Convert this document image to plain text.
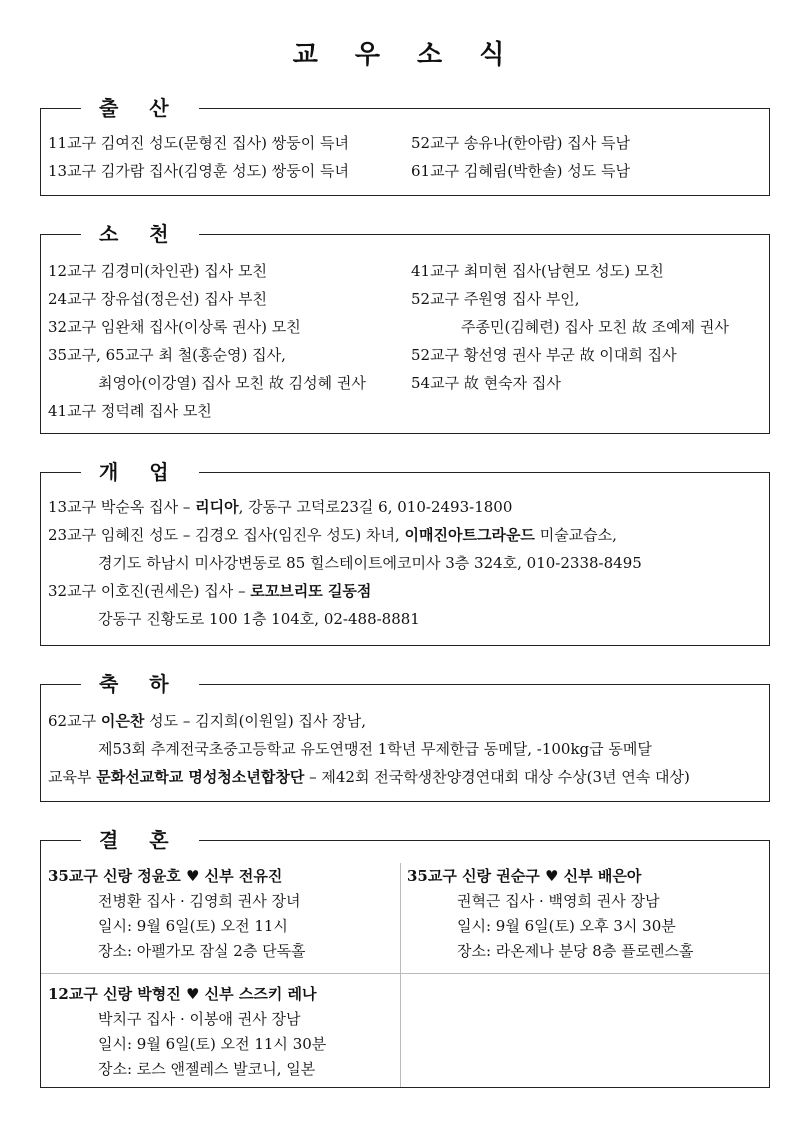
교 우 소 식
출 산
11교구 김여진 성도(문형진 집사) 쌍둥이 득녀
13교구 김가람 집사(김영훈 성도) 쌍둥이 득녀
52교구 송유나(한아람) 집사 득남
61교구 김혜림(박한솔) 성도 득남
소 천
12교구 김경미(차인관) 집사 모친
24교구 장유섭(정은선) 집사 부친
32교구 임완채 집사(이상록 권사) 모친
35교구, 65교구 최 철(홍순영) 집사,
최영아(이강열) 집사 모친 故 김성혜 권사
41교구 정덕례 집사 모친
41교구 최미현 집사(남현모 성도) 모친
52교구 주원영 집사 부인,
주종민(김혜련) 집사 모친 故 조예제 권사
52교구 황선영 권사 부군 故 이대희 집사
54교구 故 현숙자 집사
개 업
13교구 박순옥 집사 – 리디아, 강동구 고덕로23길 6, 010-2493-1800
23교구 임혜진 성도 – 김경오 집사(임진우 성도) 차녀, 이매진아트그라운드 미술교습소,
경기도 하남시 미사강변동로 85 힐스테이트에코미사 3층 324호, 010-2338-8495
32교구 이호진(권세은) 집사 – 로꼬브리또 길동점
강동구 진황도로 100 1층 104호, 02-488-8881
축 하
62교구 이은찬 성도 – 김지희(이원일) 집사 장남,
제53회 추계전국초중고등학교 유도연맹전 1학년 무제한급 동메달, -100kg급 동메달
교육부 문화선교학교 명성청소년합창단 – 제42회 전국학생찬양경연대회 대상 수상(3년 연속 대상)
결 혼
35교구 신랑 정윤호 ♥ 신부 전유진
전병환 집사 · 김영희 권사 장녀
일시: 9월 6일(토) 오전 11시
장소: 아펠가모 잠실 2층 단독홀
35교구 신랑 권순구 ♥ 신부 배은아
권혁근 집사 · 백영희 권사 장남
일시: 9월 6일(토) 오후 3시 30분
장소: 라온제나 분당 8층 플로렌스홀
12교구 신랑 박형진 ♥ 신부 스즈키 레나
박치구 집사 · 이봉애 권사 장남
일시: 9월 6일(토) 오전 11시 30분
장소: 로스 앤젤레스 발코니, 일본
